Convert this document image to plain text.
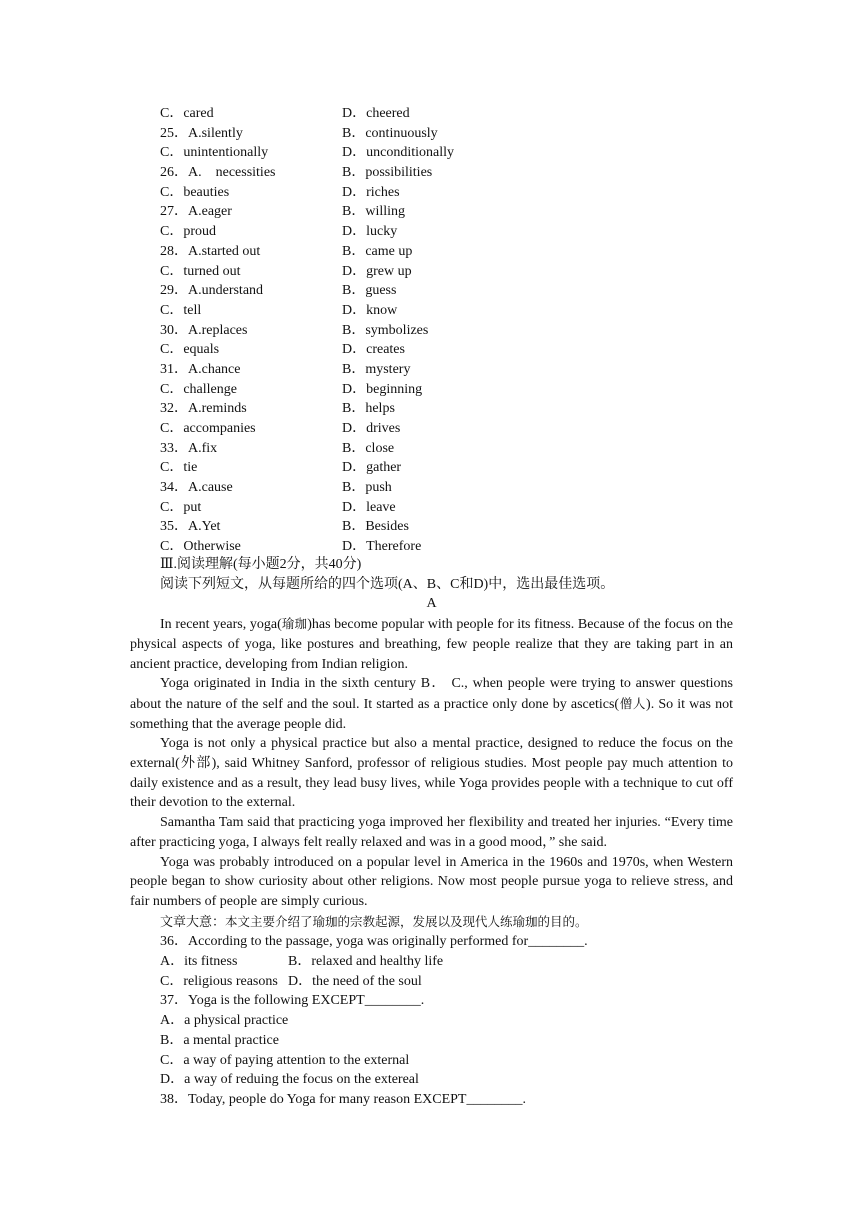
C．cared	D．cheered
25．A.silently	B．continuously
C．unintentionally	D．unconditionally
26．A.　necessities	B．possibilities
C．beauties	D．riches
27．A.eager	B．willing
C．proud	D．lucky
28．A.started out	B．came up
C．turned out	D．grew up
29．A.understand	B．guess
C．tell	D．know
30．A.replaces	B．symbolizes
C．equals	D．creates
31．A.chance	B．mystery
C．challenge	D．beginning
32．A.reminds	B．helps
C．accompanies	D．drives
33．A.fix	B．close
C．tie	D．gather
34．A.cause	B．push
C．put	D．leave
35．A.Yet	B．Besides
C．Otherwise	D．Therefore
Ⅲ.阅读理解(每小题2分，共40分)
阅读下列短文，从每题所给的四个选项(A、B、C和D)中，选出最佳选项。
A

In recent years, yoga(瑜珈)has become popular with people for its fitness. Because of the focus on the physical aspects of yoga, like postures and breathing, few people realize that they are taking part in an ancient practice, developing from Indian religion.

Yoga originated in India in the sixth century B． C., when people were trying to answer questions about the nature of the self and the soul. It started as a practice only done by ascetics(僧人). So it was not something that the average people did.

Yoga is not only a physical practice but also a mental practice, designed to reduce the focus on the external(外部), said Whitney Sanford, professor of religious studies. Most people pay much attention to daily existence and as a result, they lead busy lives, while Yoga provides people with a technique to cut off their devotion to the external.

Samantha Tam said that practicing yoga improved her flexibility and treated her injuries. “Every time after practicing yoga, I always felt really relaxed and was in a good mood，” she said.

Yoga was probably introduced on a popular level in America in the 1960s and 1970s, when Western people began to show curiosity about other religions. Now most people pursue yoga to relieve stress, and fair numbers of people are simply curious.

文章大意：本文主要介绍了瑜珈的宗教起源，发展以及现代人练瑜珈的目的。
36．According to the passage, yoga was originally performed for________.
A．its fitness	B．relaxed and healthy life
C．religious reasons D．the need of the soul
37．Yoga is the following EXCEPT________.
A．a physical practice
B．a mental practice
C．a way of paying attention to the external
D．a way of reduing the focus on the extereal
38．Today, people do Yoga for many reason EXCEPT________.
